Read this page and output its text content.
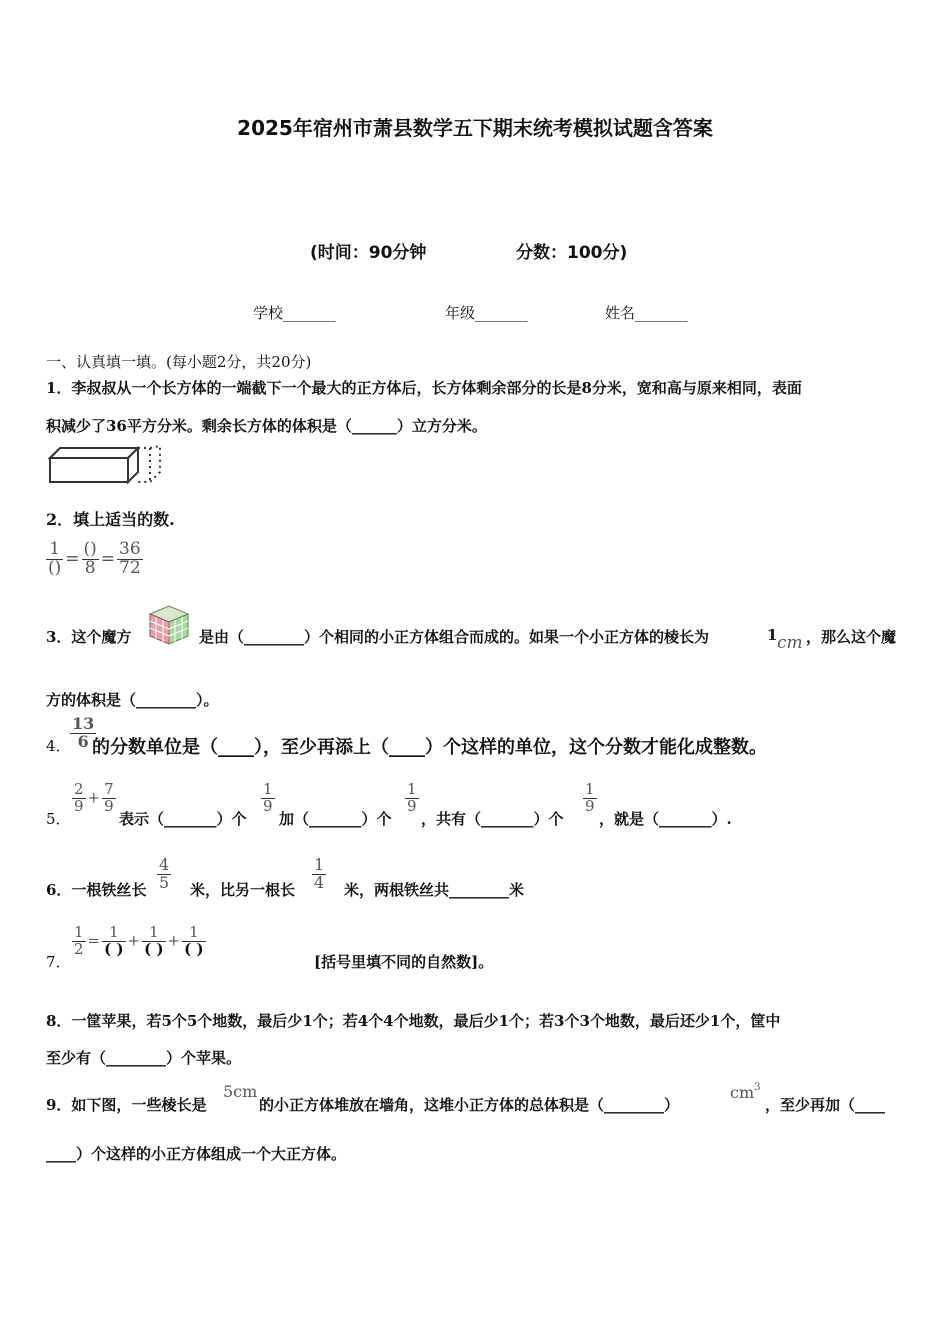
2025年宿州市萧县数学五下期末统考模拟试题含答案
(时间：90分钟	分数：100分)
学校_______	年级_______	姓名_______
一、认真填一填。(每小题2分，共20分)
1．李叔叔从一个长方体的一端截下一个最大的正方体后，长方体剩余部分的长是8分米，宽和高与原来相同，表面
积减少了36平方分米。剩余长方体的体积是（______）立方分米。
2．填上适当的数.
$\frac{1}{()} = \frac{()}{8} = \frac{36}{72}$
3．这个魔方	是由（________）个相同的小正方体组合而成的。如果一个小正方体的棱长为	1 cm ，那么这个魔
方的体积是（________）。
4． $\frac{13}{6}$
的分数单位是（____），至少再添上（____）个这样的单位，这个分数才能化成整数。
5．
$\frac{2}{9} + \frac{7}{9}$
表示（_______）个
$\frac{1}{9}$
加（_______）个
$\frac{1}{9}$
，共有（_______）个
$\frac{1}{9}$
，就是（_______）.
6．一根铁丝长 $\frac{4}{5}$ 米，比另一根长 $\frac{1}{4}$ 米，两根铁丝共________米
7．
$\frac{1}{2} = \frac{1}{( )} + \frac{1}{( )} + \frac{1}{( )}$
[括号里填不同的自然数]。
8．一筐苹果，若5个5个地数，最后少1个；若4个4个地数，最后少1个；若3个3个地数，最后还少1个，筐中
至少有（________）个苹果。
9．如下图，一些棱长是
5cm
的小正方体堆放在墙角，这堆小正方体的总体积是（________）
$cm^3$
，至少再加（____
____）个这样的小正方体组成一个大正方体。
